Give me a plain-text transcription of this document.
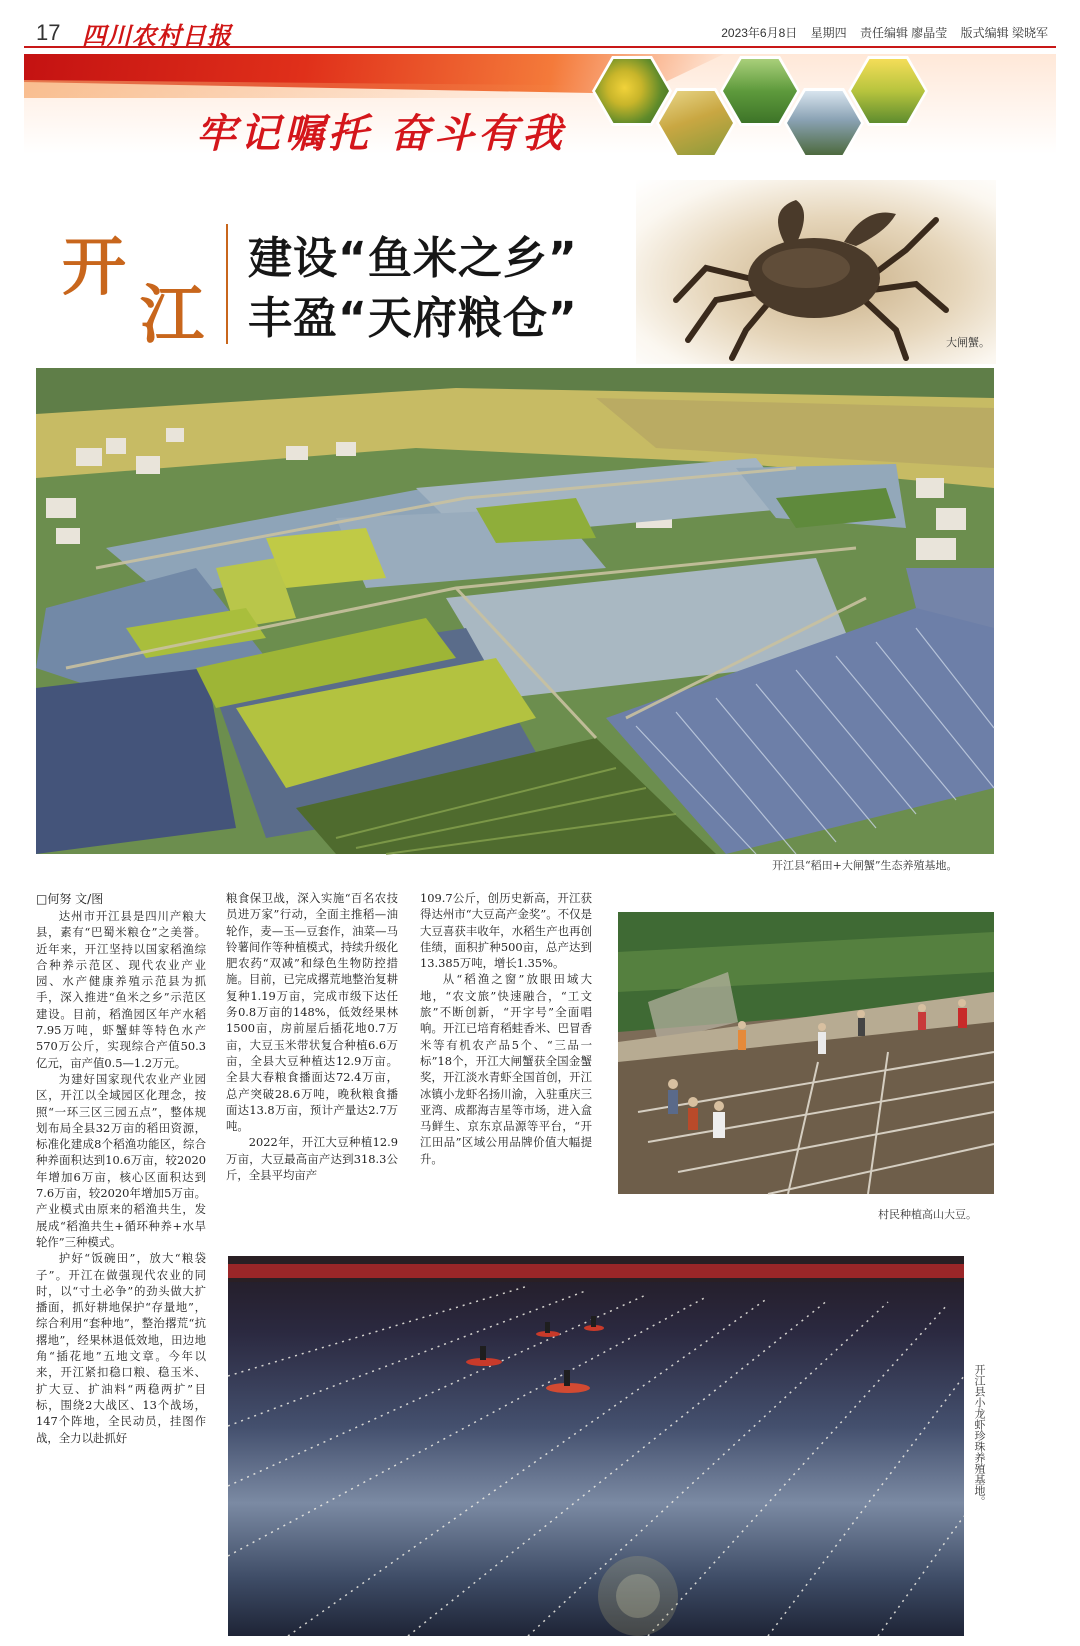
17 四川农村日报	2023年6月8日 星期四 责任编辑 廖晶莹 版式编辑 梁晓军
牢记嘱托 奋斗有我
开
江
建设“鱼米之乡”
丰盈“天府粮仓”	大闸蟹。
开江县“稻田+大闸蟹”生态养殖基地。
□何努 文/图

达州市开江县是四川产粮大县，素有“巴蜀米粮仓”之美誉。近年来，开江坚持以国家稻渔综合种养示范区、现代农业产业园、水产健康养殖示范县为抓手，深入推进“鱼米之乡”示范区建设。目前，稻渔园区年产水稻7.95万吨，虾蟹蚌等特色水产570万公斤，实现综合产值50.3亿元，亩产值0.5—1.2万元。

为建好国家现代农业产业园区，开江以全域园区化理念，按照“一环三区三园五点”，整体规划布局全县32万亩的稻田资源，标准化建成8个稻渔功能区，综合种养面积达到10.6万亩，较2020年增加6万亩，核心区面积达到7.6万亩，较2020年增加5万亩。产业模式由原来的稻渔共生，发展成“稻渔共生+循环种养+水旱轮作”三种模式。

护好“饭碗田”，放大“粮袋子”。开江在做强现代农业的同时，以“寸土必争”的劲头做大扩播面，抓好耕地保护“存量地”，综合利用“套种地”，整治撂荒“抗撂地”，经果林退低效地，田边地角“插花地”五地文章。今年以来，开江紧扣稳口粮、稳玉米、扩大豆、扩油料“两稳两扩”目标，围绕2大战区、13个战场，147个阵地，全民动员，挂图作战，全力以赴抓好

粮食保卫战，深入实施“百名农技员进万家”行动，全面主推稻—油轮作，麦—玉—豆套作，油菜—马铃薯间作等种植模式，持续升级化肥农药“双减”和绿色生物防控措施。目前，已完成撂荒地整治复耕复种1.19万亩，完成市级下达任务0.8万亩的148%，低效经果林1500亩，房前屋后插花地0.7万亩，大豆玉米带状复合种植6.6万亩，全县大豆种植达12.9万亩。全县大春粮食播面达72.4万亩，总产突破28.6万吨，晚秋粮食播面达13.8万亩，预计产量达2.7万吨。

2022年，开江大豆种植12.9万亩，大豆最高亩产达到318.3公斤，全县平均亩产

109.7公斤，创历史新高，开江获得达州市“大豆高产金奖”。不仅是大豆喜获丰收年，水稻生产也再创佳绩，面积扩种500亩，总产达到13.385万吨，增长1.35%。

从“稻渔之窗”放眼田域大地，“农文旅”快速融合，“工文旅”不断创新，“开字号”全面唱响。开江已培育稻蛙香米、巴冒香米等有机农产品5个、“三品一标”18个，开江大闸蟹获全国金蟹奖，开江淡水青虾全国首创，开江冰镇小龙虾名扬川渝，入驻重庆三亚湾、成都海吉星等市场，进入盒马鲜生、京东京品源等平台，“开江田品”区域公用品牌价值大幅提升。

村民种植高山大豆。
开江县小龙虾珍珠养殖基地。
